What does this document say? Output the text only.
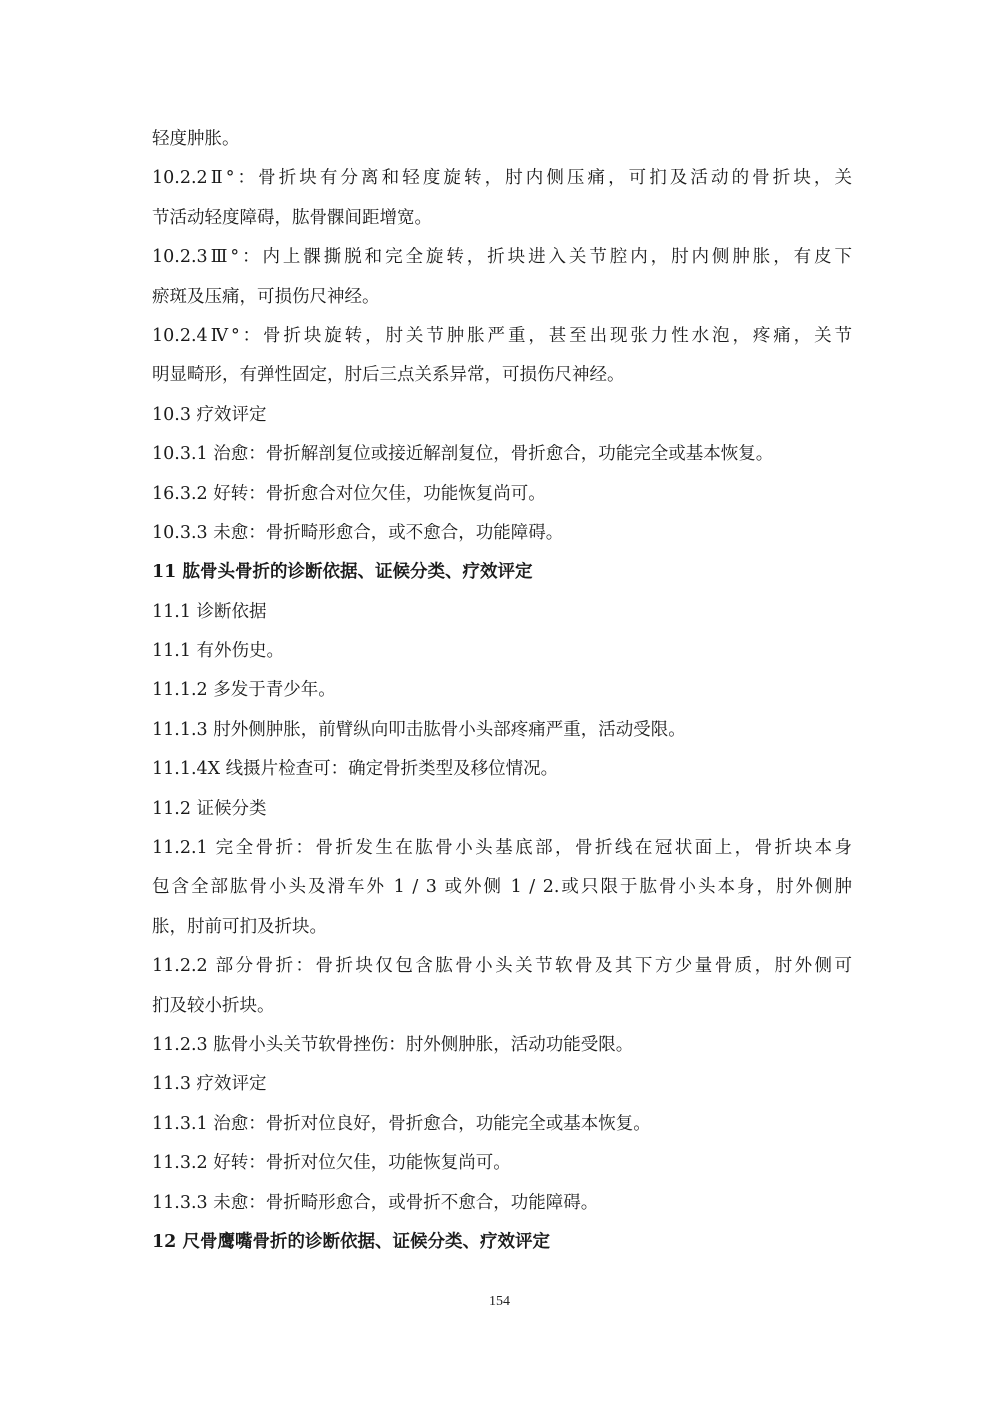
轻度肿胀。
10.2.2Ⅱ°：骨折块有分离和轻度旋转，肘内侧压痛，可扪及活动的骨折块，关
节活动轻度障碍，肱骨髁间距增宽。
10.2.3Ⅲ°：内上髁撕脱和完全旋转，折块进入关节腔内，肘内侧肿胀，有皮下
瘀斑及压痛，可损伤尺神经。
10.2.4Ⅳ°：骨折块旋转，肘关节肿胀严重，甚至出现张力性水泡，疼痛，关节
明显畸形，有弹性固定，肘后三点关系异常，可损伤尺神经。
10.3 疗效评定
10.3.1 治愈：骨折解剖复位或接近解剖复位，骨折愈合，功能完全或基本恢复。
16.3.2 好转：骨折愈合对位欠佳，功能恢复尚可。
10.3.3 未愈：骨折畸形愈合，或不愈合，功能障碍。
11 肱骨头骨折的诊断依据、证候分类、疗效评定
11.1 诊断依据
11.1 有外伤史。
11.1.2 多发于青少年。
11.1.3 肘外侧肿胀，前臂纵向叩击肱骨小头部疼痛严重，活动受限。
11.1.4X 线摄片检查可：确定骨折类型及移位情况。
11.2 证候分类
11.2.1 完全骨折：骨折发生在肱骨小头基底部，骨折线在冠状面上，骨折块本身
包含全部肱骨小头及滑车外 1 / 3 或外侧 1 / 2.或只限于肱骨小头本身，肘外侧肿
胀，肘前可扪及折块。
11.2.2 部分骨折：骨折块仅包含肱骨小头关节软骨及其下方少量骨质，肘外侧可
扪及较小折块。
11.2.3 肱骨小头关节软骨挫伤：肘外侧肿胀，活动功能受限。
11.3 疗效评定
11.3.1 治愈：骨折对位良好，骨折愈合，功能完全或基本恢复。
11.3.2 好转：骨折对位欠佳，功能恢复尚可。
11.3.3 未愈：骨折畸形愈合，或骨折不愈合，功能障碍。
12 尺骨鹰嘴骨折的诊断依据、证候分类、疗效评定
154
